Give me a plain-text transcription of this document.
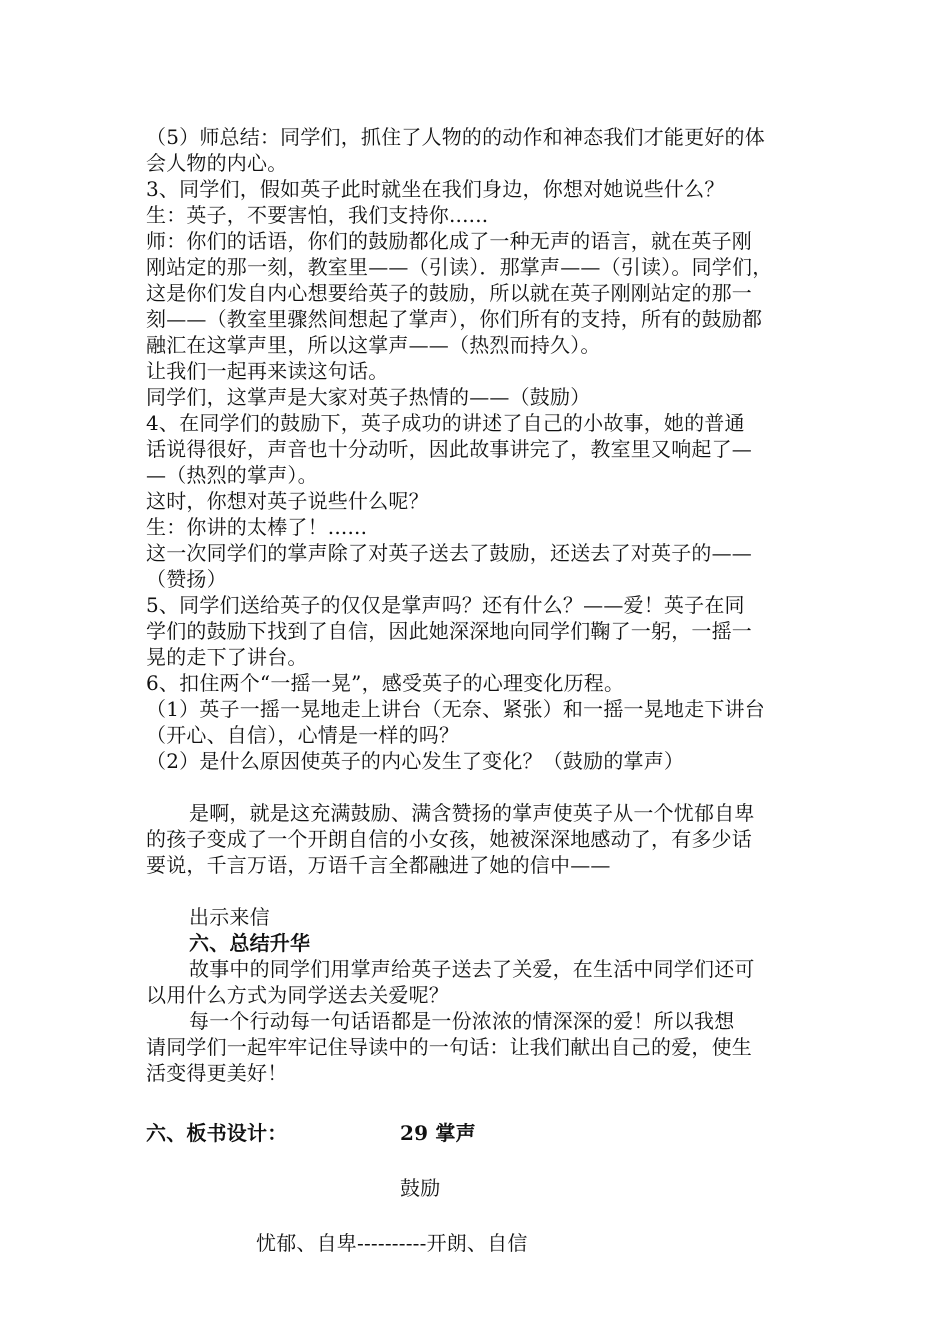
（5）师总结：同学们，抓住了人物的的动作和神态我们才能更好的体
会人物的内心。
3、同学们，假如英子此时就坐在我们身边，你想对她说些什么？
生：英子，不要害怕，我们支持你......
师：你们的话语，你们的鼓励都化成了一种无声的语言，就在英子刚
刚站定的那一刻，教室里——（引读）．那掌声——（引读）。同学们，
这是你们发自内心想要给英子的鼓励，所以就在英子刚刚站定的那一
刻——（教室里骤然间想起了掌声），你们所有的支持，所有的鼓励都
融汇在这掌声里，所以这掌声——（热烈而持久）。
让我们一起再来读这句话。
同学们，这掌声是大家对英子热情的——（鼓励）
4、在同学们的鼓励下，英子成功的讲述了自己的小故事，她的普通
话说得很好，声音也十分动听，因此故事讲完了，教室里又响起了—
—（热烈的掌声）。
这时，你想对英子说些什么呢？
生：你讲的太棒了！......
这一次同学们的掌声除了对英子送去了鼓励，还送去了对英子的——
（赞扬）
5、同学们送给英子的仅仅是掌声吗？还有什么？——爱！英子在同
学们的鼓励下找到了自信，因此她深深地向同学们鞠了一躬，一摇一
晃的走下了讲台。
6、扣住两个“一摇一晃”，感受英子的心理变化历程。
（1）英子一摇一晃地走上讲台（无奈、紧张）和一摇一晃地走下讲台
（开心、自信），心情是一样的吗？
（2）是什么原因使英子的内心发生了变化？（鼓励的掌声）
是啊，就是这充满鼓励、满含赞扬的掌声使英子从一个忧郁自卑
的孩子变成了一个开朗自信的小女孩，她被深深地感动了，有多少话
要说，千言万语，万语千言全都融进了她的信中——
出示来信
六、总结升华
故事中的同学们用掌声给英子送去了关爱，在生活中同学们还可
以用什么方式为同学送去关爱呢？
每一个行动每一句话语都是一份浓浓的情深深的爱！所以我想
请同学们一起牢牢记住导读中的一句话：让我们献出自己的爱，使生
活变得更美好！
六、板书设计：	29 掌声
鼓励
忧郁、自卑----------开朗、自信
